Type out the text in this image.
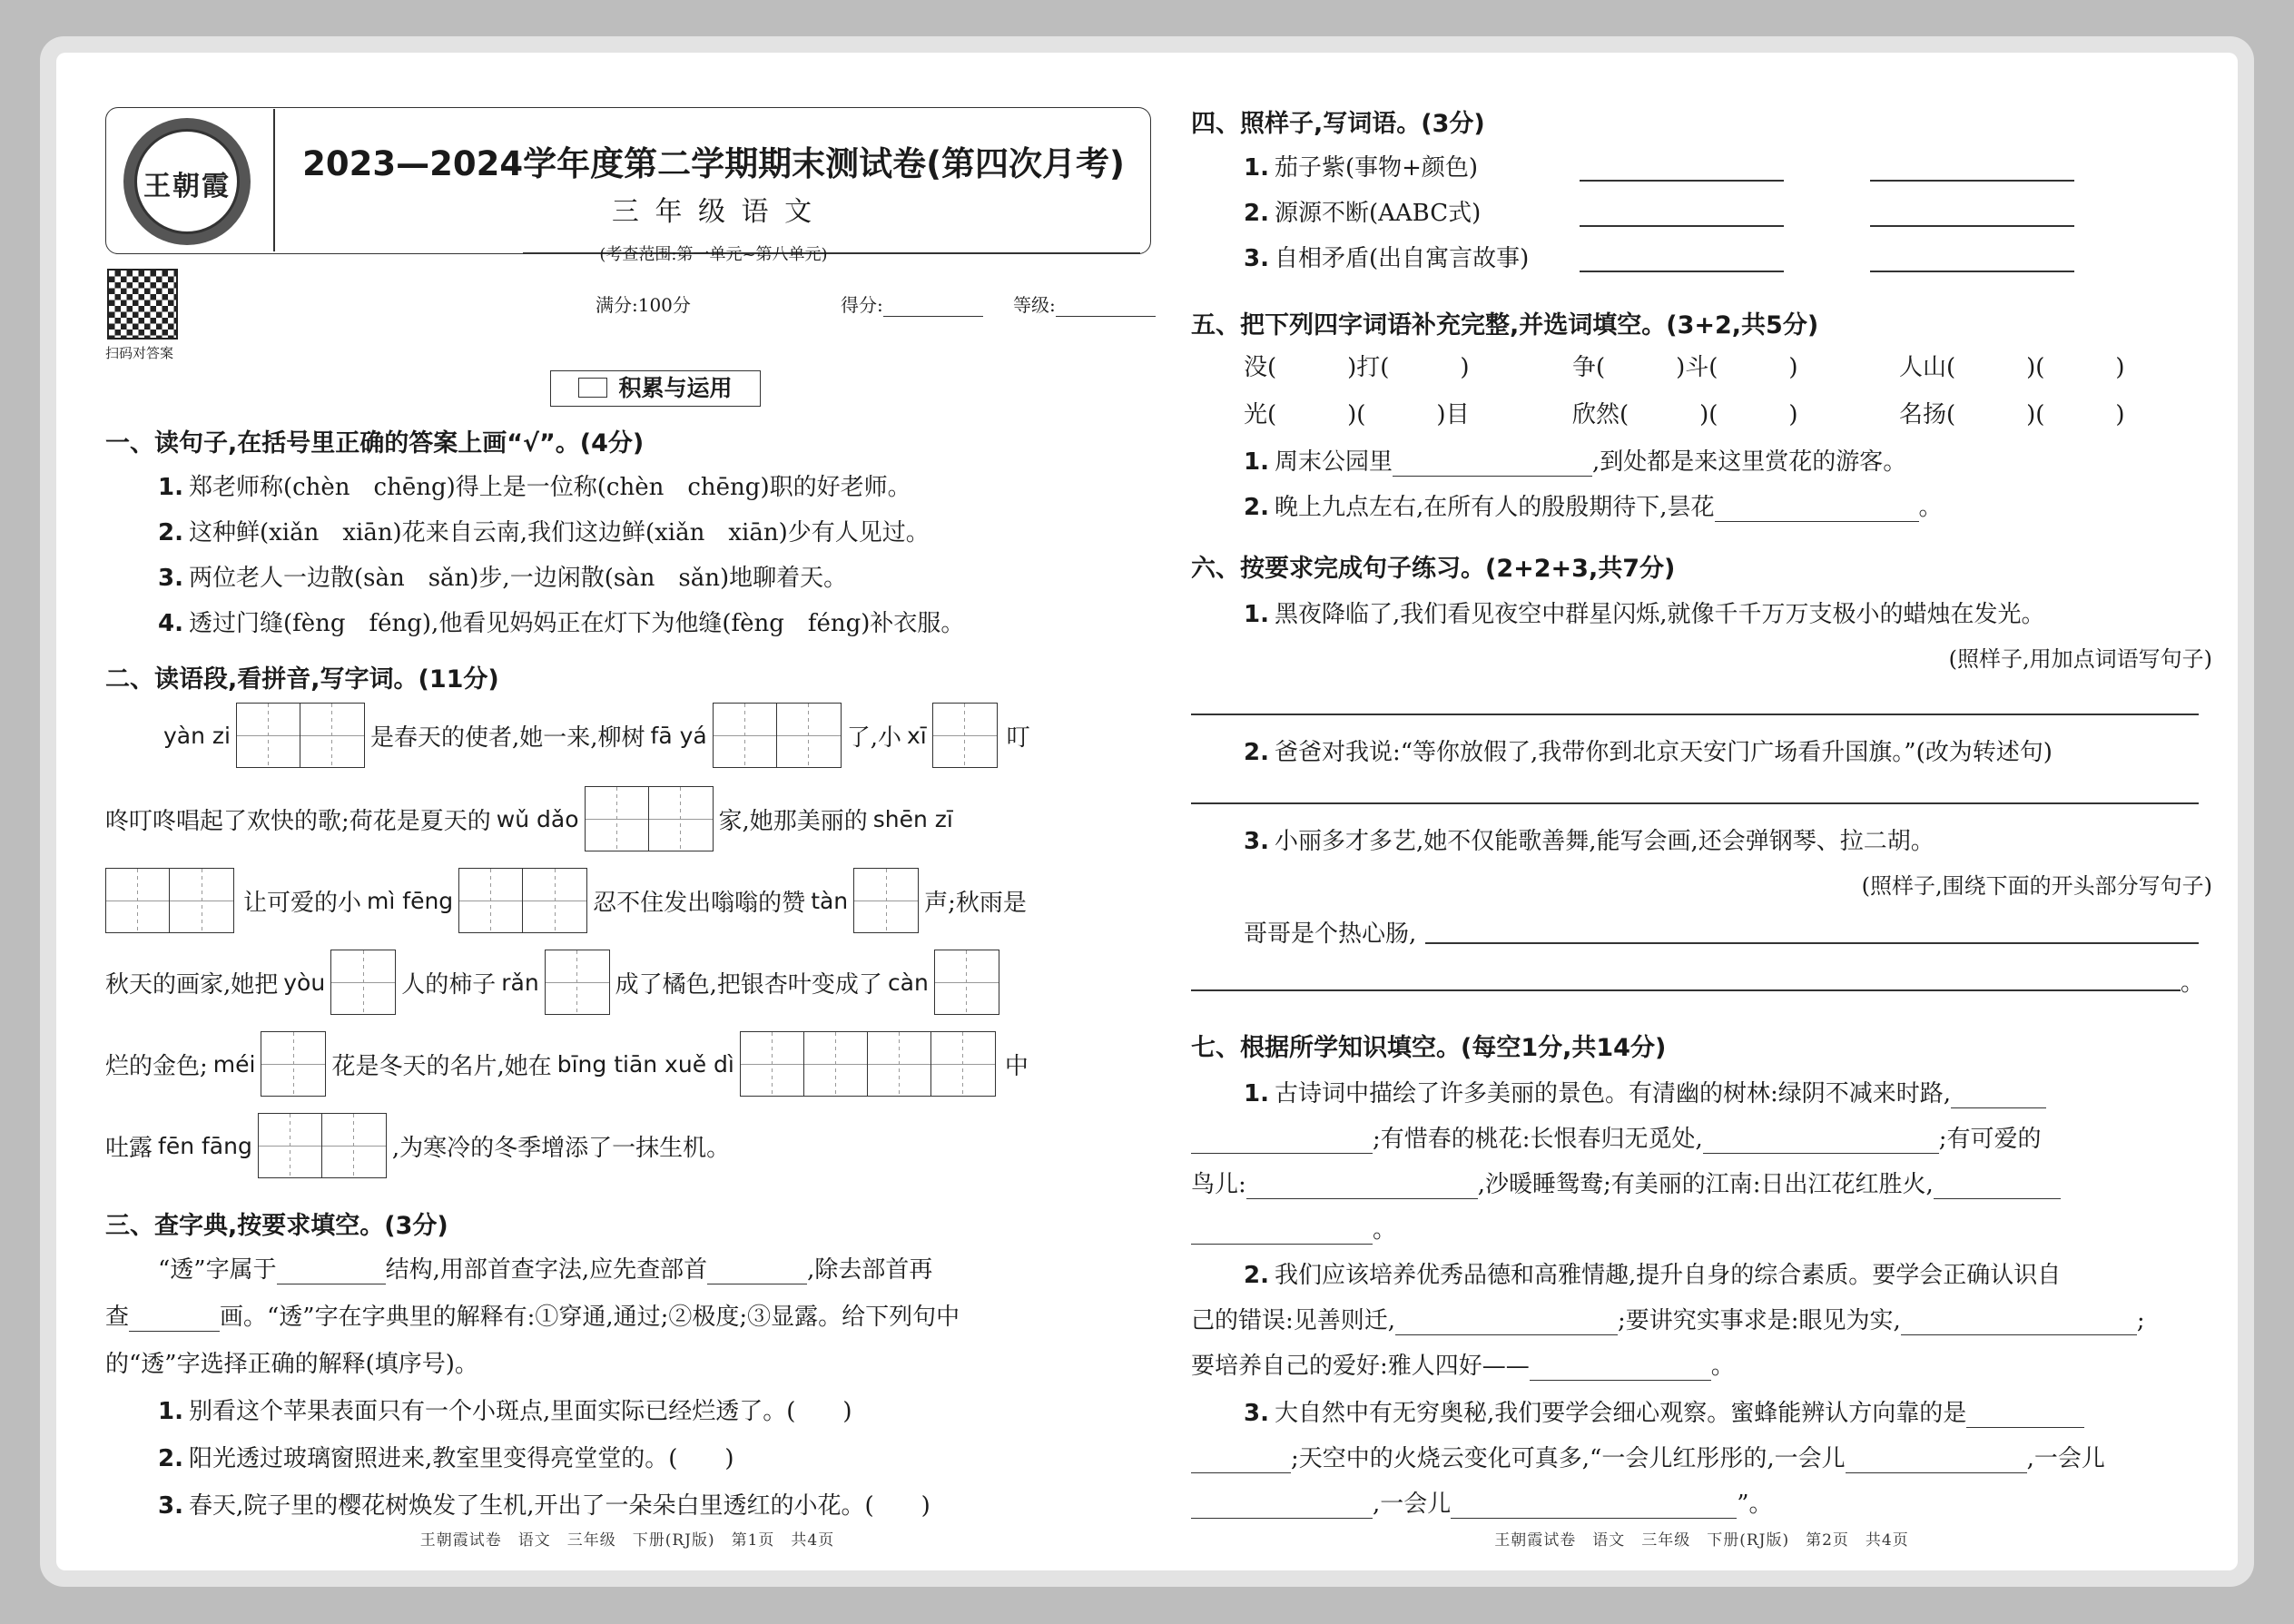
王朝霞
2023—2024学年度第二学期期末测试卷(第四次月考)
三 年 级 语 文
(考查范围:第一单元~第八单元)
扫码对答案
满分:100分	得分:	等级:
积累与运用
一、读句子,在括号里正确的答案上画“√”。(4分)
1. 郑老师称(chèn　chēng)得上是一位称(chèn　chēng)职的好老师。
2. 这种鲜(xiǎn　xiān)花来自云南,我们这边鲜(xiǎn　xiān)少有人见过。
3. 两位老人一边散(sàn　sǎn)步,一边闲散(sàn　sǎn)地聊着天。
4. 透过门缝(fèng　féng),他看见妈妈正在灯下为他缝(fèng　féng)补衣服。
二、读语段,看拼音,写字词。(11分)
yàn zi	是春天的使者,她一来,柳树 fā yá	了,小 xī	叮
咚叮咚唱起了欢快的歌;荷花是夏天的 wǔ dǎo	家,她那美丽的 shēn zī
让可爱的小 mì fēng	忍不住发出嗡嗡的赞 tàn	声;秋雨是
秋天的画家,她把 yòu	人的柿子 rǎn	成了橘色,把银杏叶变成了 càn
烂的金色; méi	花是冬天的名片,她在 bīng tiān xuě dì	中
吐露 fēn fāng	,为寒冷的冬季增添了一抹生机。
三、查字典,按要求填空。(3分)
“透”字属于	结构,用部首查字法,应先查部首	,除去部首再
查	画。“透”字在字典里的解释有:①穿通,通过;②极度;③显露。给下列句中
的“透”字选择正确的解释(填序号)。
1. 别看这个苹果表面只有一个小斑点,里面实际已经烂透了。(　　)
2. 阳光透过玻璃窗照进来,教室里变得亮堂堂的。(　　)
3. 春天,院子里的樱花树焕发了生机,开出了一朵朵白里透红的小花。(　　)
王朝霞试卷　语文　三年级　下册(RJ版)　第1页　共4页
四、照样子,写词语。(3分)
1. 茄子紫(事物+颜色)
2. 源源不断(AABC式)
3. 自相矛盾(出自寓言故事)
五、把下列四字词语补充完整,并选词填空。(3+2,共5分)
没(　　　)打(　　　)	争(　　　)斗(　　　)	人山(　　　)(　　　)
光(　　　)(　　　)目	欣然(　　　)(　　　)	名扬(　　　)(　　　)
1. 周末公园里	,到处都是来这里赏花的游客。
2. 晚上九点左右,在所有人的殷殷期待下,昙花	。
六、按要求完成句子练习。(2+2+3,共7分)
1. 黑夜降临了,我们看见夜空中群星闪烁,就像千千万万支极小的蜡烛在发光。
(照样子,用加点词语写句子)
2. 爸爸对我说:“等你放假了,我带你到北京天安门广场看升国旗。”(改为转述句)
3. 小丽多才多艺,她不仅能歌善舞,能写会画,还会弹钢琴、拉二胡。
(照样子,围绕下面的开头部分写句子)
哥哥是个热心肠,
。
七、根据所学知识填空。(每空1分,共14分)
1. 古诗词中描绘了许多美丽的景色。有清幽的树林:绿阴不减来时路,
;有惜春的桃花:长恨春归无觅处,	;有可爱的
鸟儿:	,沙暖睡鸳鸯;有美丽的江南:日出江花红胜火,
。
2. 我们应该培养优秀品德和高雅情趣,提升自身的综合素质。要学会正确认识自
己的错误:见善则迁,	;要讲究实事求是:眼见为实,	;
要培养自己的爱好:雅人四好——	。
3. 大自然中有无穷奥秘,我们要学会细心观察。蜜蜂能辨认方向靠的是
;天空中的火烧云变化可真多,“一会儿红彤彤的,一会儿	,一会儿
,一会儿	”。
王朝霞试卷　语文　三年级　下册(RJ版)　第2页　共4页
